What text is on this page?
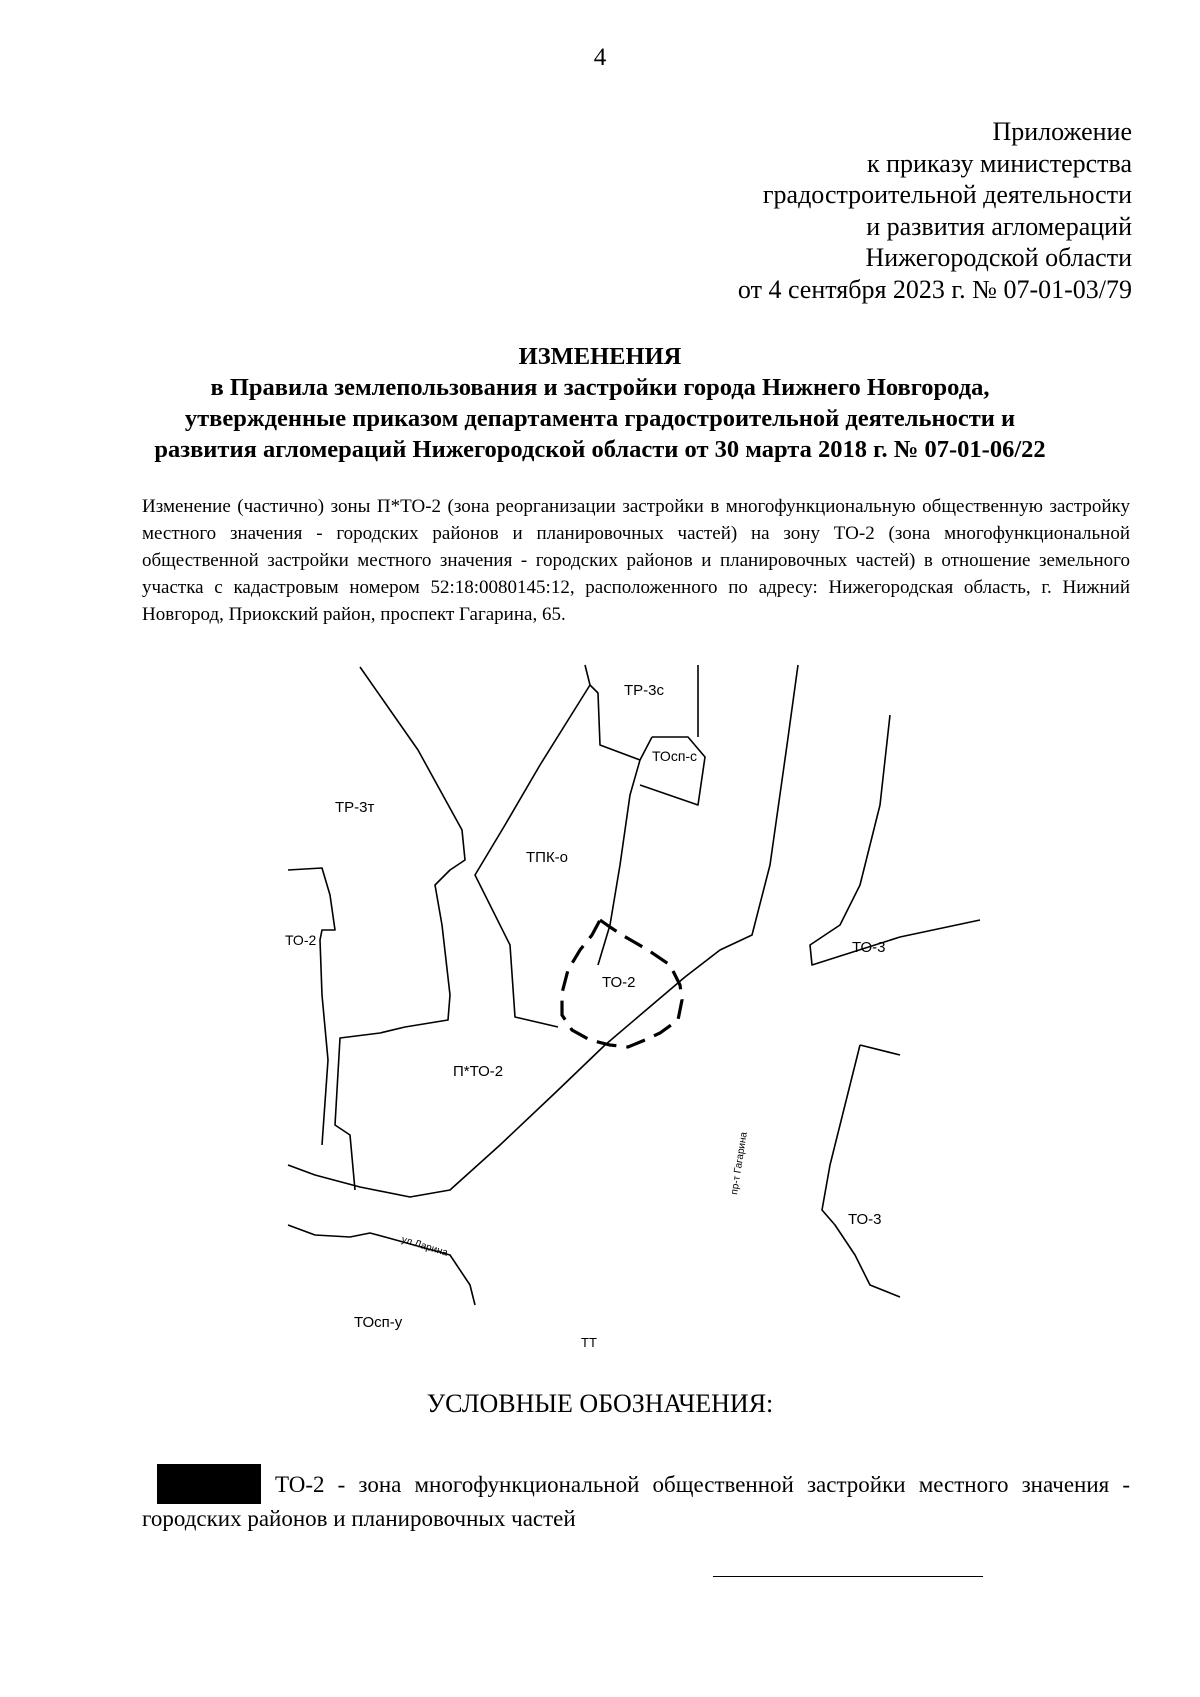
4
Приложение
к приказу министерства
градостроительной деятельности
и развития агломераций
Нижегородской области
от 4 сентября 2023 г. № 07-01-03/79
ИЗМЕНЕНИЯ
в Правила землепользования и застройки города Нижнего Новгорода,
утвержденные приказом департамента градостроительной деятельности и
развития агломераций Нижегородской области от 30 марта 2018 г. № 07-01-06/22
Изменение (частично) зоны П*ТО-2 (зона реорганизации застройки в многофункциональную общественную застройку местного значения - городских районов и планировочных частей) на зону ТО-2 (зона многофункциональной общественной застройки местного значения - городских районов и планировочных частей) в отношение земельного участка с кадастровым номером 52:18:0080145:12, расположенного по адресу: Нижегородская область, г. Нижний Новгород, Приокский район, проспект Гагарина, 65.
ТР-3с
ТОсп-с
ТР-3т
ТПК-о
ТО-2
ТО-2
ТО-3
П*ТО-2
ТО-3
ТОсп-у
ТТ
пр-т Гагарина
ул.Ларина
УСЛОВНЫЕ ОБОЗНАЧЕНИЯ:
ТО-2 - зона многофункциональной общественной застройки местного значения - городских районов и планировочных частей
